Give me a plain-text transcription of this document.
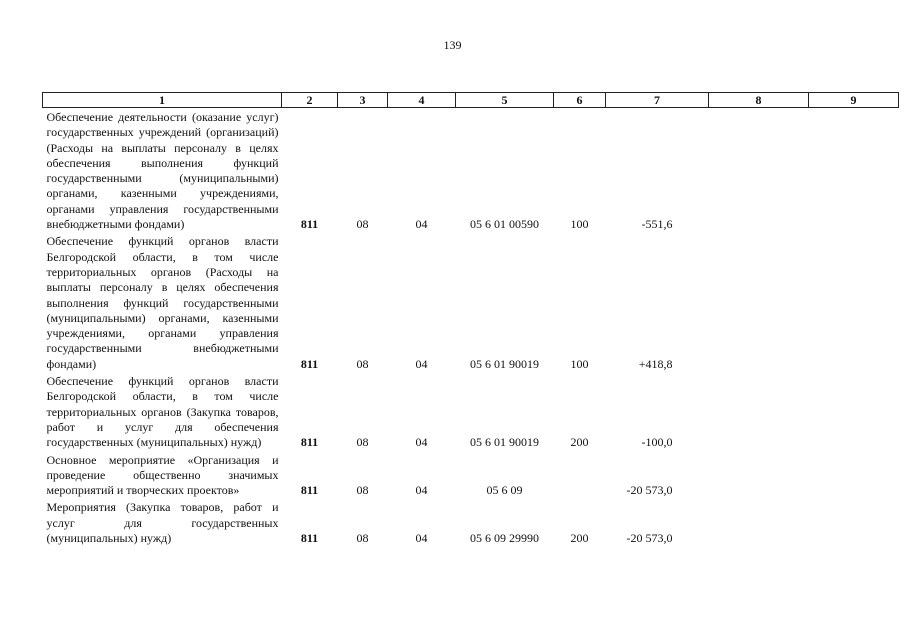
139
1	2	3	4	5	6	7	8	9
Обеспечение деятельности (оказание услуг) государственных учреждений (организаций) (Расходы на выплаты персоналу в целях обеспечения выполнения функций государственными (муниципальными) органами, казенными учреждениями, органами управления государственными внебюджетными фондами)	811	08	04	05 6 01 00590	100	-551,6		
Обеспечение функций органов власти Белгородской области, в том числе территориальных органов (Расходы на выплаты персоналу в целях обеспечения выполнения функций государственными (муниципальными) органами, казенными учреждениями, органами управления государственными внебюджетными фондами)	811	08	04	05 6 01 90019	100	+418,8		
Обеспечение функций органов власти Белгородской области, в том числе территориальных органов (Закупка товаров, работ и услуг для обеспечения государственных (муниципальных) нужд)	811	08	04	05 6 01 90019	200	-100,0		
Основное мероприятие «Организация и проведение общественно значимых мероприятий и творческих проектов»	811	08	04	05 6 09		-20 573,0		
Мероприятия (Закупка товаров, работ и услуг для государственных (муниципальных) нужд)	811	08	04	05 6 09 29990	200	-20 573,0		
